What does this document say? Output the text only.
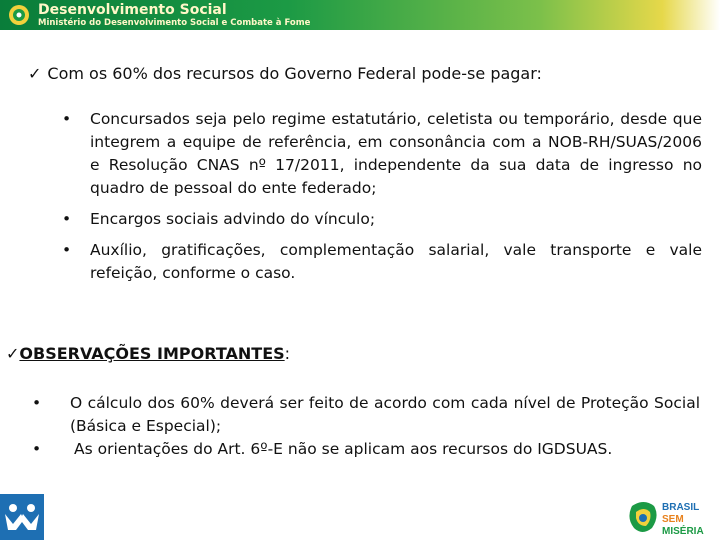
Desenvolvimento Social
Ministério do Desenvolvimento Social e Combate à Fome
✓ Com os 60% dos recursos do Governo Federal pode-se pagar:
• Concursados seja pelo regime estatutário, celetista ou temporário, desde que integrem a equipe de referência, em consonância com a NOB-RH/SUAS/2006 e Resolução CNAS nº 17/2011, independente da sua data de ingresso no quadro de pessoal do ente federado;
• Encargos sociais advindo do vínculo;
• Auxílio, gratificações, complementação salarial, vale transporte e vale refeição, conforme o caso.
✓OBSERVAÇÕES IMPORTANTES:
• O cálculo dos 60% deverá ser feito de acordo com cada nível de Proteção Social (Básica e Especial);
• As orientações do Art. 6º-E não se aplicam aos recursos do IGDSUAS.
BRASIL
SEM
MISÉRIA
